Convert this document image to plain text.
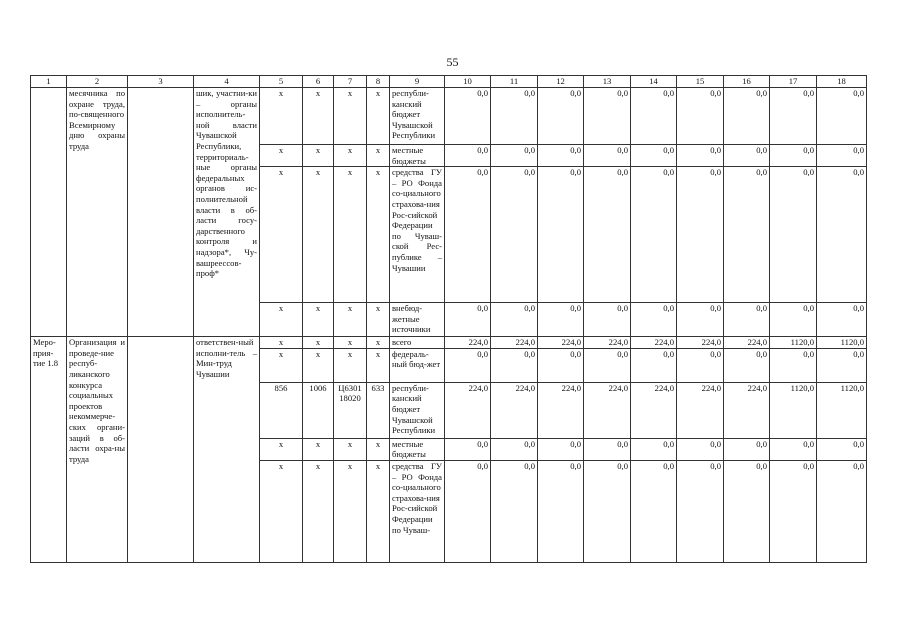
55
1	2	3	4	5	6	7	8	9	10	11	12	13	14	15	16	17	18
	месячника по охране труда, по-священного Всемирному дню охраны труда		шик, участни-ки – органы исполнитель-ной власти Чувашской Республики, территориаль-ные органы федеральных органов ис-полнительной власти в об-ласти госу-дарственного контроля и надзора*, Чу-вашреессов-проф*	x	x	x	x	республи-канский бюджет Чувашской Республики	0,0	0,0	0,0	0,0	0,0	0,0	0,0	0,0	0,0
				x	x	x	x	местные бюджеты	0,0	0,0	0,0	0,0	0,0	0,0	0,0	0,0	0,0
				x	x	x	x	средства ГУ – РО Фонда со-циального страхова-ния Рос-сийской Федерации по Чуваш-ской Рес-публике – Чувашии	0,0	0,0	0,0	0,0	0,0	0,0	0,0	0,0	0,0
				x	x	x	x	внебюд-жетные источники	0,0	0,0	0,0	0,0	0,0	0,0	0,0	0,0	0,0
Меро-прия-тие 1.8	Организация и проведе-ние респуб-ликанского конкурса социальных проектов некоммерче-ских органи-заций в об-ласти охра-ны труда		ответствен-ный исполни-тель – Мин-труд Чувашии	x	x	x	x	всего	224,0	224,0	224,0	224,0	224,0	224,0	224,0	1120,0	1120,0
				x	x	x	x	федераль-ный бюд-жет	0,0	0,0	0,0	0,0	0,0	0,0	0,0	0,0	0,0
				856	1006	Ц6301 18020	633	республи-канский бюджет Чувашской Республики	224,0	224,0	224,0	224,0	224,0	224,0	224,0	1120,0	1120,0
				x	x	x	x	местные бюджеты	0,0	0,0	0,0	0,0	0,0	0,0	0,0	0,0	0,0
				x	x	x	x	средства ГУ – РО Фонда со-циального страхова-ния Рос-сийской Федерации по Чуваш-	0,0	0,0	0,0	0,0	0,0	0,0	0,0	0,0	0,0
